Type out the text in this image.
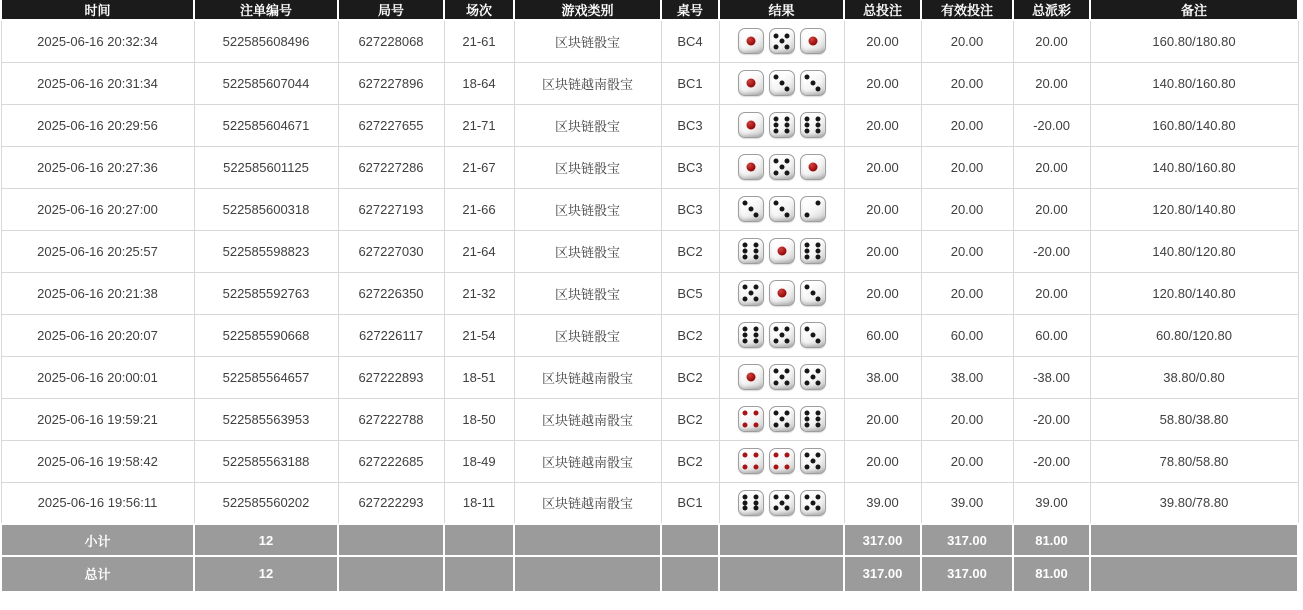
时间	注单编号	局号	场次	游戏类别	桌号	结果	总投注	有效投注	总派彩	备注
2025-06-16 20:32:34	522585608496	627228068	21-61	区块链骰宝	BC4		20.00	20.00	20.00	160.80/180.80
2025-06-16 20:31:34	522585607044	627227896	18-64	区块链越南骰宝	BC1		20.00	20.00	20.00	140.80/160.80
2025-06-16 20:29:56	522585604671	627227655	21-71	区块链骰宝	BC3		20.00	20.00	-20.00	160.80/140.80
2025-06-16 20:27:36	522585601125	627227286	21-67	区块链骰宝	BC3		20.00	20.00	20.00	140.80/160.80
2025-06-16 20:27:00	522585600318	627227193	21-66	区块链骰宝	BC3		20.00	20.00	20.00	120.80/140.80
2025-06-16 20:25:57	522585598823	627227030	21-64	区块链骰宝	BC2		20.00	20.00	-20.00	140.80/120.80
2025-06-16 20:21:38	522585592763	627226350	21-32	区块链骰宝	BC5		20.00	20.00	20.00	120.80/140.80
2025-06-16 20:20:07	522585590668	627226117	21-54	区块链骰宝	BC2		60.00	60.00	60.00	60.80/120.80
2025-06-16 20:00:01	522585564657	627222893	18-51	区块链越南骰宝	BC2		38.00	38.00	-38.00	38.80/0.80
2025-06-16 19:59:21	522585563953	627222788	18-50	区块链越南骰宝	BC2		20.00	20.00	-20.00	58.80/38.80
2025-06-16 19:58:42	522585563188	627222685	18-49	区块链越南骰宝	BC2		20.00	20.00	-20.00	78.80/58.80
2025-06-16 19:56:11	522585560202	627222293	18-11	区块链越南骰宝	BC1		39.00	39.00	39.00	39.80/78.80
小计	12						317.00	317.00	81.00	
总计	12						317.00	317.00	81.00	
